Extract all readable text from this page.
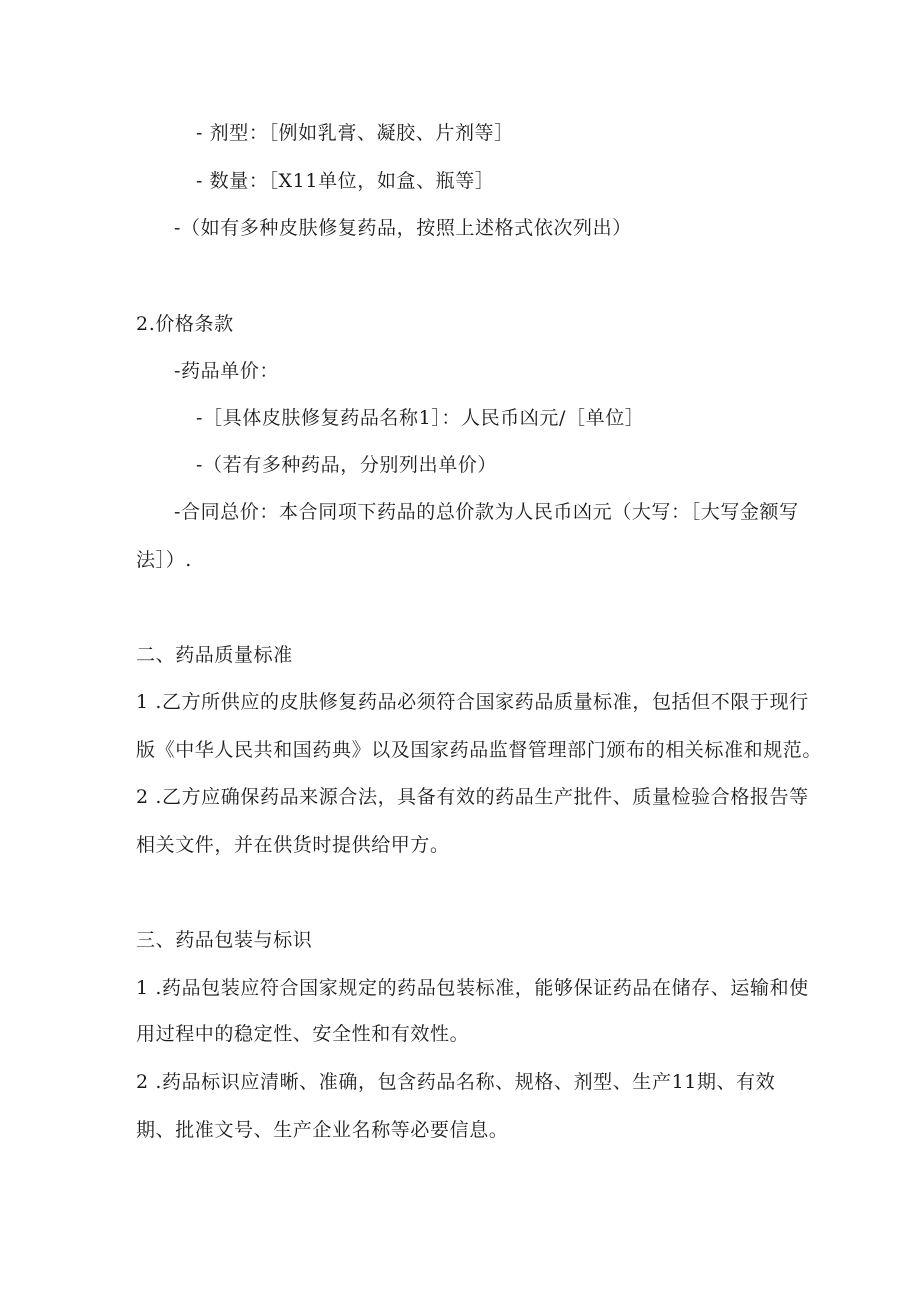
- 剂型：［例如乳膏、凝胶、片剂等］
- 数量：［X11单位，如盒、瓶等］
-（如有多种皮肤修复药品，按照上述格式依次列出）
2.价格条款
-药品单价：
-［具体皮肤修复药品名称1］：人民币凶元/［单位］
-（若有多种药品，分别列出单价）
-合同总价：本合同项下药品的总价款为人民币凶元（大写：［大写金额写
法］）.
二、药品质量标准
1 .乙方所供应的皮肤修复药品必须符合国家药品质量标准，包括但不限于现行
版《中华人民共和国药典》以及国家药品监督管理部门颁布的相关标准和规范。
2 .乙方应确保药品来源合法，具备有效的药品生产批件、质量检验合格报告等
相关文件，并在供货时提供给甲方。
三、药品包装与标识
1 .药品包装应符合国家规定的药品包装标准，能够保证药品在储存、运输和使
用过程中的稳定性、安全性和有效性。
2 .药品标识应清晰、准确，包含药品名称、规格、剂型、生产11期、有效
期、批准文号、生产企业名称等必要信息。
